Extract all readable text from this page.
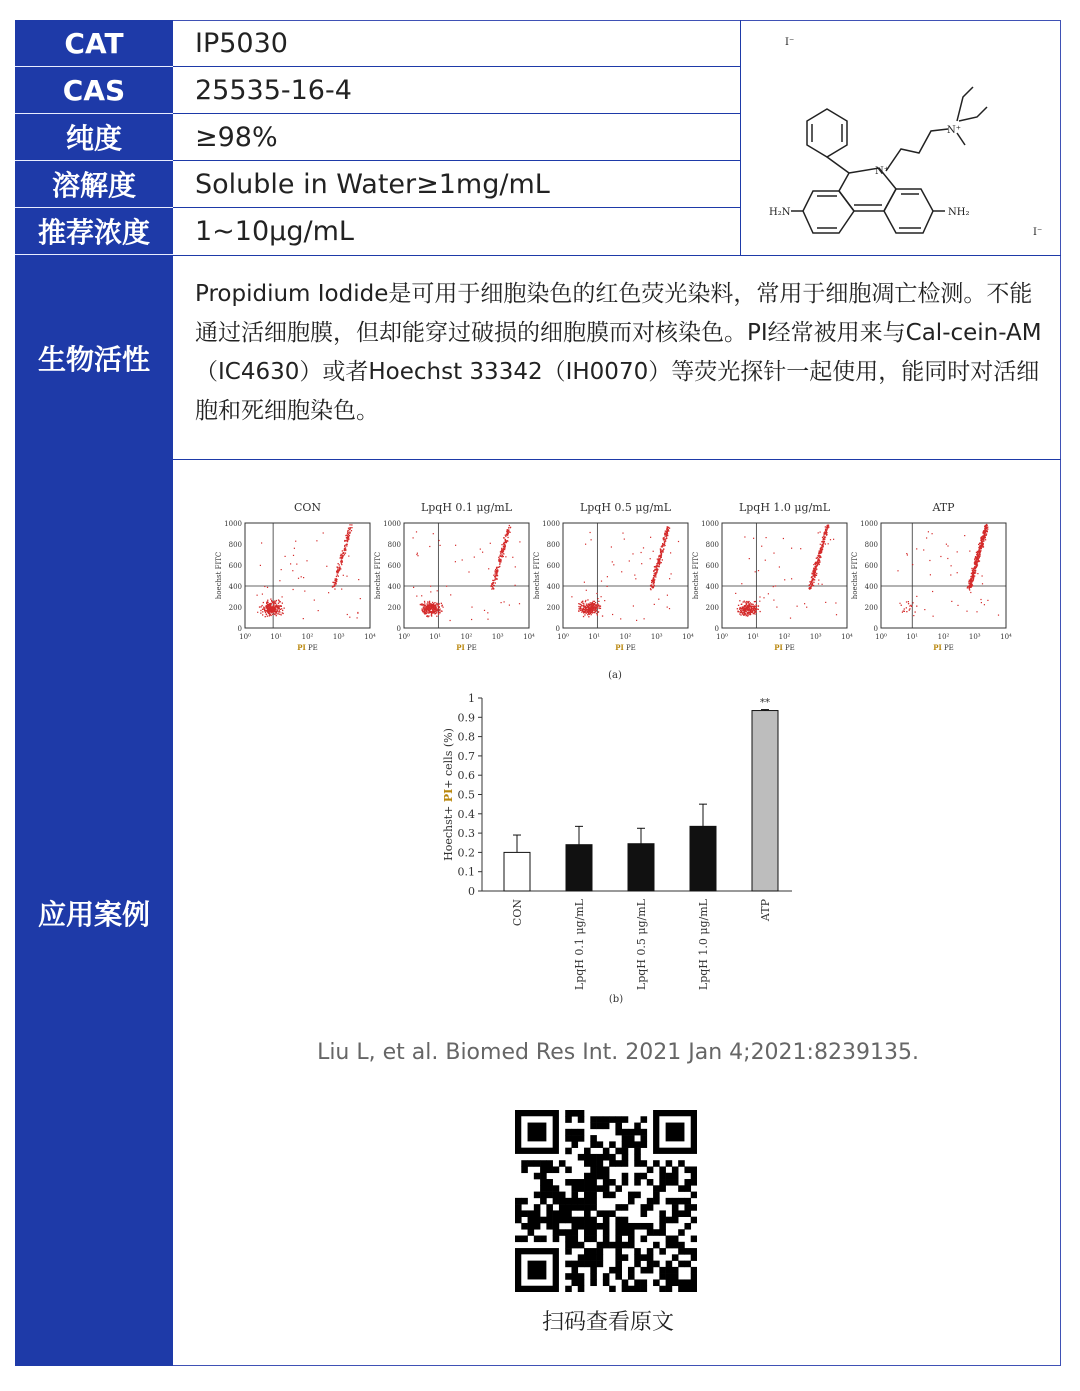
CAT	IP5030
CAS	25535-16-4
纯度	≥98%
溶解度 Soluble in Water≥1mg/mL
推荐浓度 1~10μg/mL
I⁻
I⁻
H₂N	NH₂
N⁺
N⁺
生物活性
Propidium Iodide是可用于细胞染色的红色荧光染料，常用于细胞凋亡检测。不能通过活细胞膜，但却能穿过破损的细胞膜而对核染色。PI经常被用来与Cal-cein-AM（IC4630）或者Hoechst 33342（IH0070）等荧光探针一起使用，能同时对活细胞和死细胞染色。
应用案例
CON
0
200
400
600
800
1000
10⁰	10¹	10²	10³	10⁴
hoechst FITC
PI PE
LpqH 0.1 μg/mL
0
200
400
600
800
1000
10⁰	10¹	10²	10³	10⁴
hoechst FITC
PI PE
LpqH 0.5 μg/mL
0
200
400
600
800
1000
10⁰	10¹	10²	10³	10⁴
hoechst FITC
PI PE
LpqH 1.0 μg/mL
0
200
400
600
800
1000
10⁰	10¹	10²	10³	10⁴
hoechst FITC
PI PE
ATP
0
200
400
600
800
1000
10⁰	10¹	10²	10³	10⁴
hoechst FITC
PI PE
(a)
0
0.1
0.2
0.3
0.4
0.5
0.6
0.7
0.8
0.9
1
Hoechst+ PI+ cells (%)
CON	LpqH 0.1 μg/mL	LpqH 0.5 μg/mL	LpqH 1.0 μg/mL	ATP
**
(b)
Liu L, et al. Biomed Res Int. 2021 Jan 4;2021:8239135.
扫码查看原文
